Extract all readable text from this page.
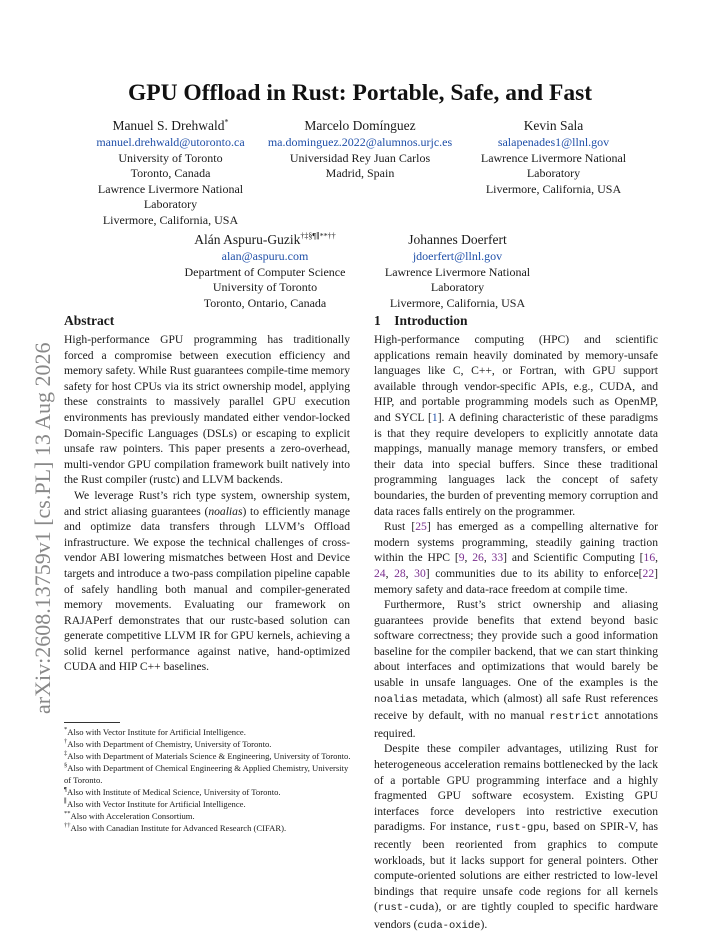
arXiv:2608.13759v1 [cs.PL] 13 Aug 2026
GPU Offload in Rust: Portable, Safe, and Fast
Manuel S. Drehwald*
manuel.drehwald@utoronto.ca
University of Toronto
Toronto, Canada
Lawrence Livermore National
Laboratory
Livermore, California, USA
Marcelo Domínguez
ma.dominguez.2022@alumnos.urjc.es
Universidad Rey Juan Carlos
Madrid, Spain
Kevin Sala
salapenades1@llnl.gov
Lawrence Livermore National
Laboratory
Livermore, California, USA
Alán Aspuru-Guzik†‡§¶∥**††
alan@aspuru.com
Department of Computer Science
University of Toronto
Toronto, Ontario, Canada
Johannes Doerfert
jdoerfert@llnl.gov
Lawrence Livermore National
Laboratory
Livermore, California, USA
Abstract

High-performance GPU programming has traditionally forced a compromise between execution efficiency and memory safety. While Rust guarantees compile-time memory safety for host CPUs via its strict ownership model, applying these constraints to massively parallel GPU execution environments has previously mandated either vendor-locked Domain-Specific Languages (DSLs) or escaping to explicit unsafe raw pointers. This paper presents a zero-overhead, multi-vendor GPU compilation framework built natively into the Rust compiler (rustc) and LLVM backends.

We leverage Rust’s rich type system, ownership system, and strict aliasing guarantees (noalias) to efficiently manage and optimize data transfers through LLVM’s Offload infrastructure. We expose the technical challenges of cross-vendor ABI lowering mismatches between Host and Device targets and introduce a two-pass compilation pipeline capable of safely handling both manual and compiler-generated memory movements. Evaluating our framework on RAJAPerf demonstrates that our rustc-based solution can generate competitive LLVM IR for GPU kernels, achieving a solid kernel performance against native, hand-optimized CUDA and HIP C++ baselines.

1 Introduction

High-performance computing (HPC) and scientific applications remain heavily dominated by memory-unsafe languages like C, C++, or Fortran, with GPU support available through vendor-specific APIs, e.g., CUDA, and HIP, and portable programming models such as OpenMP, and SYCL [1]. A defining characteristic of these paradigms is that they require developers to explicitly annotate data mappings, manually manage memory transfers, or embed their data into special buffers. Since these traditional programming languages lack the concept of safety boundaries, the burden of preventing memory corruption and data races falls entirely on the programmer.

Rust [25] has emerged as a compelling alternative for modern systems programming, steadily gaining traction within the HPC [9, 26, 33] and Scientific Computing [16, 24, 28, 30] communities due to its ability to enforce[22] memory safety and data-race freedom at compile time.

Furthermore, Rust’s strict ownership and aliasing guarantees provide benefits that extend beyond basic software correctness; they provide such a good information baseline for the compiler backend, that we can start thinking about interfaces and optimizations that would barely be usable in unsafe languages. One of the examples is the noalias metadata, which (almost) all safe Rust references receive by default, with no manual restrict annotations required.

Despite these compiler advantages, utilizing Rust for heterogeneous acceleration remains bottlenecked by the lack of a portable GPU programming interface and a highly fragmented GPU software ecosystem. Existing GPU interfaces force developers into restrictive execution paradigms. For instance, rust-gpu, based on SPIR-V, has recently been reoriented from graphics to compute workloads, but it lacks support for general pointers. Other compute-oriented solutions are either restricted to low-level bindings that require unsafe code regions for all kernels (rust-cuda), or are tightly coupled to specific hardware vendors (cuda-oxide).

*Also with Vector Institute for Artificial Intelligence.
†Also with Department of Chemistry, University of Toronto.
‡Also with Department of Materials Science & Engineering, University of Toronto.
§Also with Department of Chemical Engineering & Applied Chemistry, University of Toronto.
¶Also with Institute of Medical Science, University of Toronto.
∥Also with Vector Institute for Artificial Intelligence.
**Also with Acceleration Consortium.
††Also with Canadian Institute for Advanced Research (CIFAR).
